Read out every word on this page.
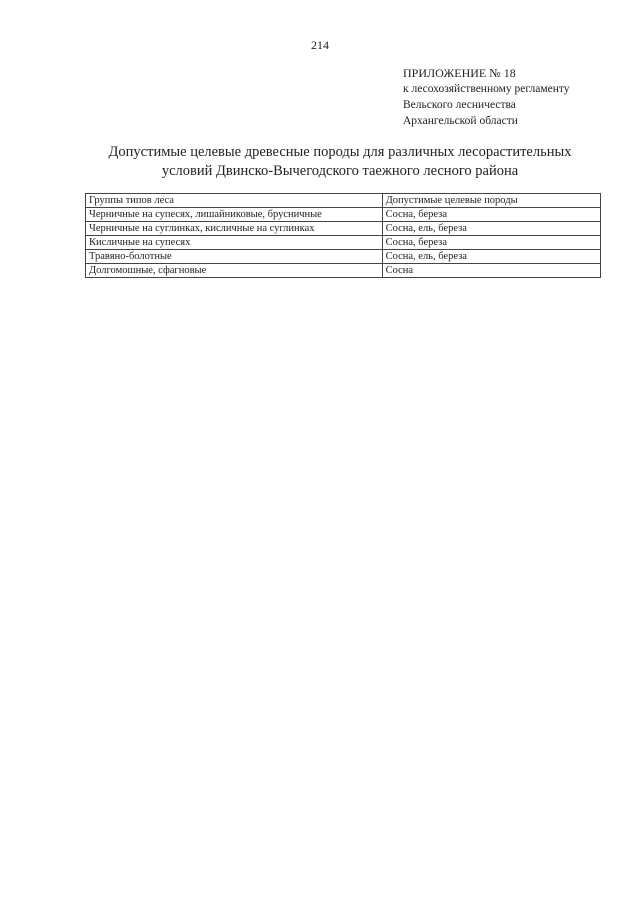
214
ПРИЛОЖЕНИЕ № 18
к лесохозяйственному регламенту
Вельского лесничества
Архангельской области
Допустимые целевые древесные породы для различных лесорастительных
условий Двинско-Вычегодского таежного лесного района
Группы типов леса	Допустимые целевые породы
Черничные на супесях, лишайниковые, брусничные	Сосна, береза
Черничные на суглинках, кисличные на суглинках	Сосна, ель, береза
Кисличные на супесях	Сосна, береза
Травяно-болотные	Сосна, ель, береза
Долгомошные, сфагновые	Сосна
